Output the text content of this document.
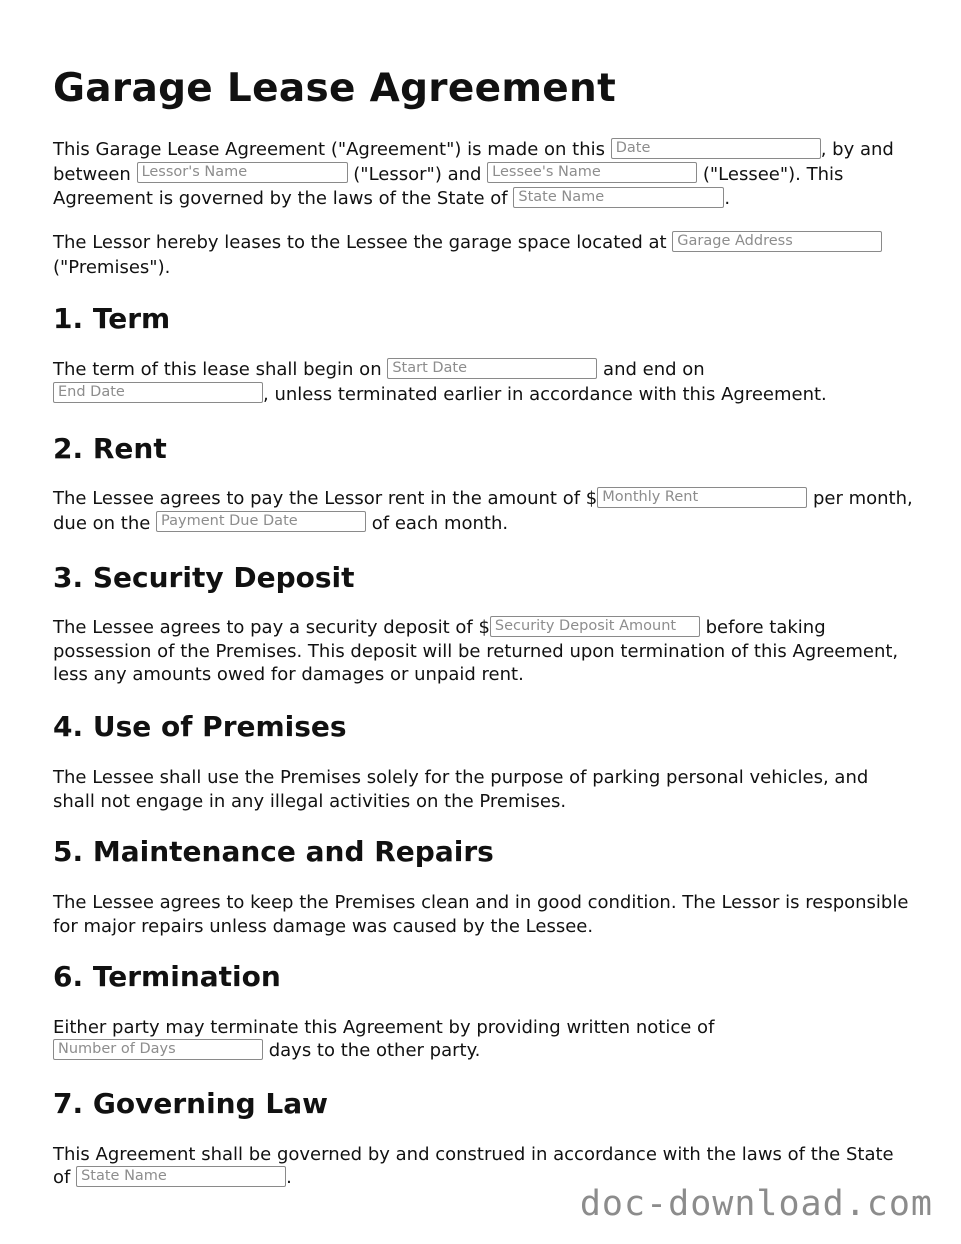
Garage Lease Agreement

This Garage Lease Agreement ("Agreement") is made on this Date	, by and between Lessor's Name	("Lessor") and Lessee's Name	("Lessee"). This Agreement is governed by the laws of the State of State Name	.

The Lessor hereby leases to the Lessee the garage space located at Garage Address ("Premises").

1. Term

The term of this lease shall begin on Start Date	and end on End Date	, unless terminated earlier in accordance with this Agreement.

2. Rent

The Lessee agrees to pay the Lessor rent in the amount of $ Monthly Rent	per month, due on the Payment Due Date	of each month.

3. Security Deposit

The Lessee agrees to pay a security deposit of $ Security Deposit Amount before taking possession of the Premises. This deposit will be returned upon termination of this Agreement, less any amounts owed for damages or unpaid rent.

4. Use of Premises

The Lessee shall use the Premises solely for the purpose of parking personal vehicles, and shall not engage in any illegal activities on the Premises.

5. Maintenance and Repairs

The Lessee agrees to keep the Premises clean and in good condition. The Lessor is responsible for major repairs unless damage was caused by the Lessee.

6. Termination

Either party may terminate this Agreement by providing written notice of Number of Days	days to the other party.

7. Governing Law

This Agreement shall be governed by and construed in accordance with the laws of the State of State Name	.

doc-download.com
